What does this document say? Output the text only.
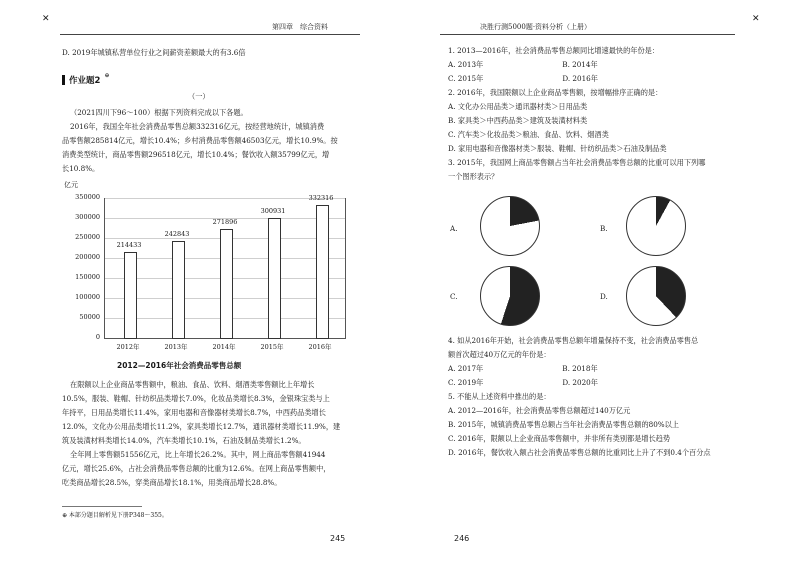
✕
第四章　综合资料	决胜行测5000题·资料分析（上册）
✕
D. 2019年城镇私营单位行业之间薪资差额最大的有3.6倍
作业题2
⊕
（一）
（2021四川下96～100）根据下列资料完成以下各题。
2016年，我国全年社会消费品零售总额332316亿元，按经营地统计，城镇消费
品零售额285814亿元，增长10.4%；乡村消费品零售额46503亿元，增长10.9%。按
消费类型统计，商品零售额296518亿元，增长10.4%；餐饮收入额35799亿元，增
长10.8%。
亿元
214433
242843
271896
300931
332316
2012—2016年社会消费品零售总额
350000
300000
250000
200000
150000
100000
50000
0
2012年	2013年	2014年	2015年	2016年
在限额以上企业商品零售额中，粮油、食品、饮料、烟酒类零售额比上年增长
10.5%，服装、鞋帽、针纺织品类增长7.0%，化妆品类增长8.3%，金银珠宝类与上
年持平，日用品类增长11.4%，家用电器和音像器材类增长8.7%，中西药品类增长
12.0%，文化办公用品类增长11.2%，家具类增长12.7%，通讯器材类增长11.9%，建
筑及装潢材料类增长14.0%，汽车类增长10.1%，石油及制品类增长1.2%。
全年网上零售额51556亿元，比上年增长26.2%。其中，网上商品零售额41944
亿元，增长25.6%，占社会消费品零售总额的比重为12.6%。在网上商品零售额中，
吃类商品增长28.5%，穿类商品增长18.1%，用类商品增长28.8%。
⊕ 本部分题目解析见下册P348～355。
245
1. 2013—2016年，社会消费品零售总额同比增速最快的年份是：
A. 2013年　　　　　　　　　　　B. 2014年
C. 2015年　　　　　　　　　　　D. 2016年
2. 2016年，我国限额以上企业商品零售额，按增幅排序正确的是：
A. 文化办公用品类＞通讯器材类＞日用品类
B. 家具类＞中西药品类＞建筑及装潢材料类
C. 汽车类＞化妆品类＞粮油、食品、饮料、烟酒类
D. 家用电器和音像器材类＞服装、鞋帽、针纺织品类＞石油及制品类
3. 2015年，我国网上商品零售额占当年社会消费品零售总额的比重可以用下列哪
一个图形表示？
A.	B.
C.	D.
4. 如从2016年开始，社会消费品零售总额年增量保持不变，社会消费品零售总
额首次超过40万亿元的年份是：
A. 2017年　　　　　　　　　　　B. 2018年
C. 2019年　　　　　　　　　　　D. 2020年
5. 不能从上述资料中推出的是：
A. 2012—2016年，社会消费品零售总额超过140万亿元
B. 2015年，城镇消费品零售总额占当年社会消费品零售总额的80%以上
C. 2016年，限额以上企业商品零售额中，并非所有类别都是增长趋势
D. 2016年，餐饮收入额占社会消费品零售总额的比重同比上升了不到0.4个百分点
246
